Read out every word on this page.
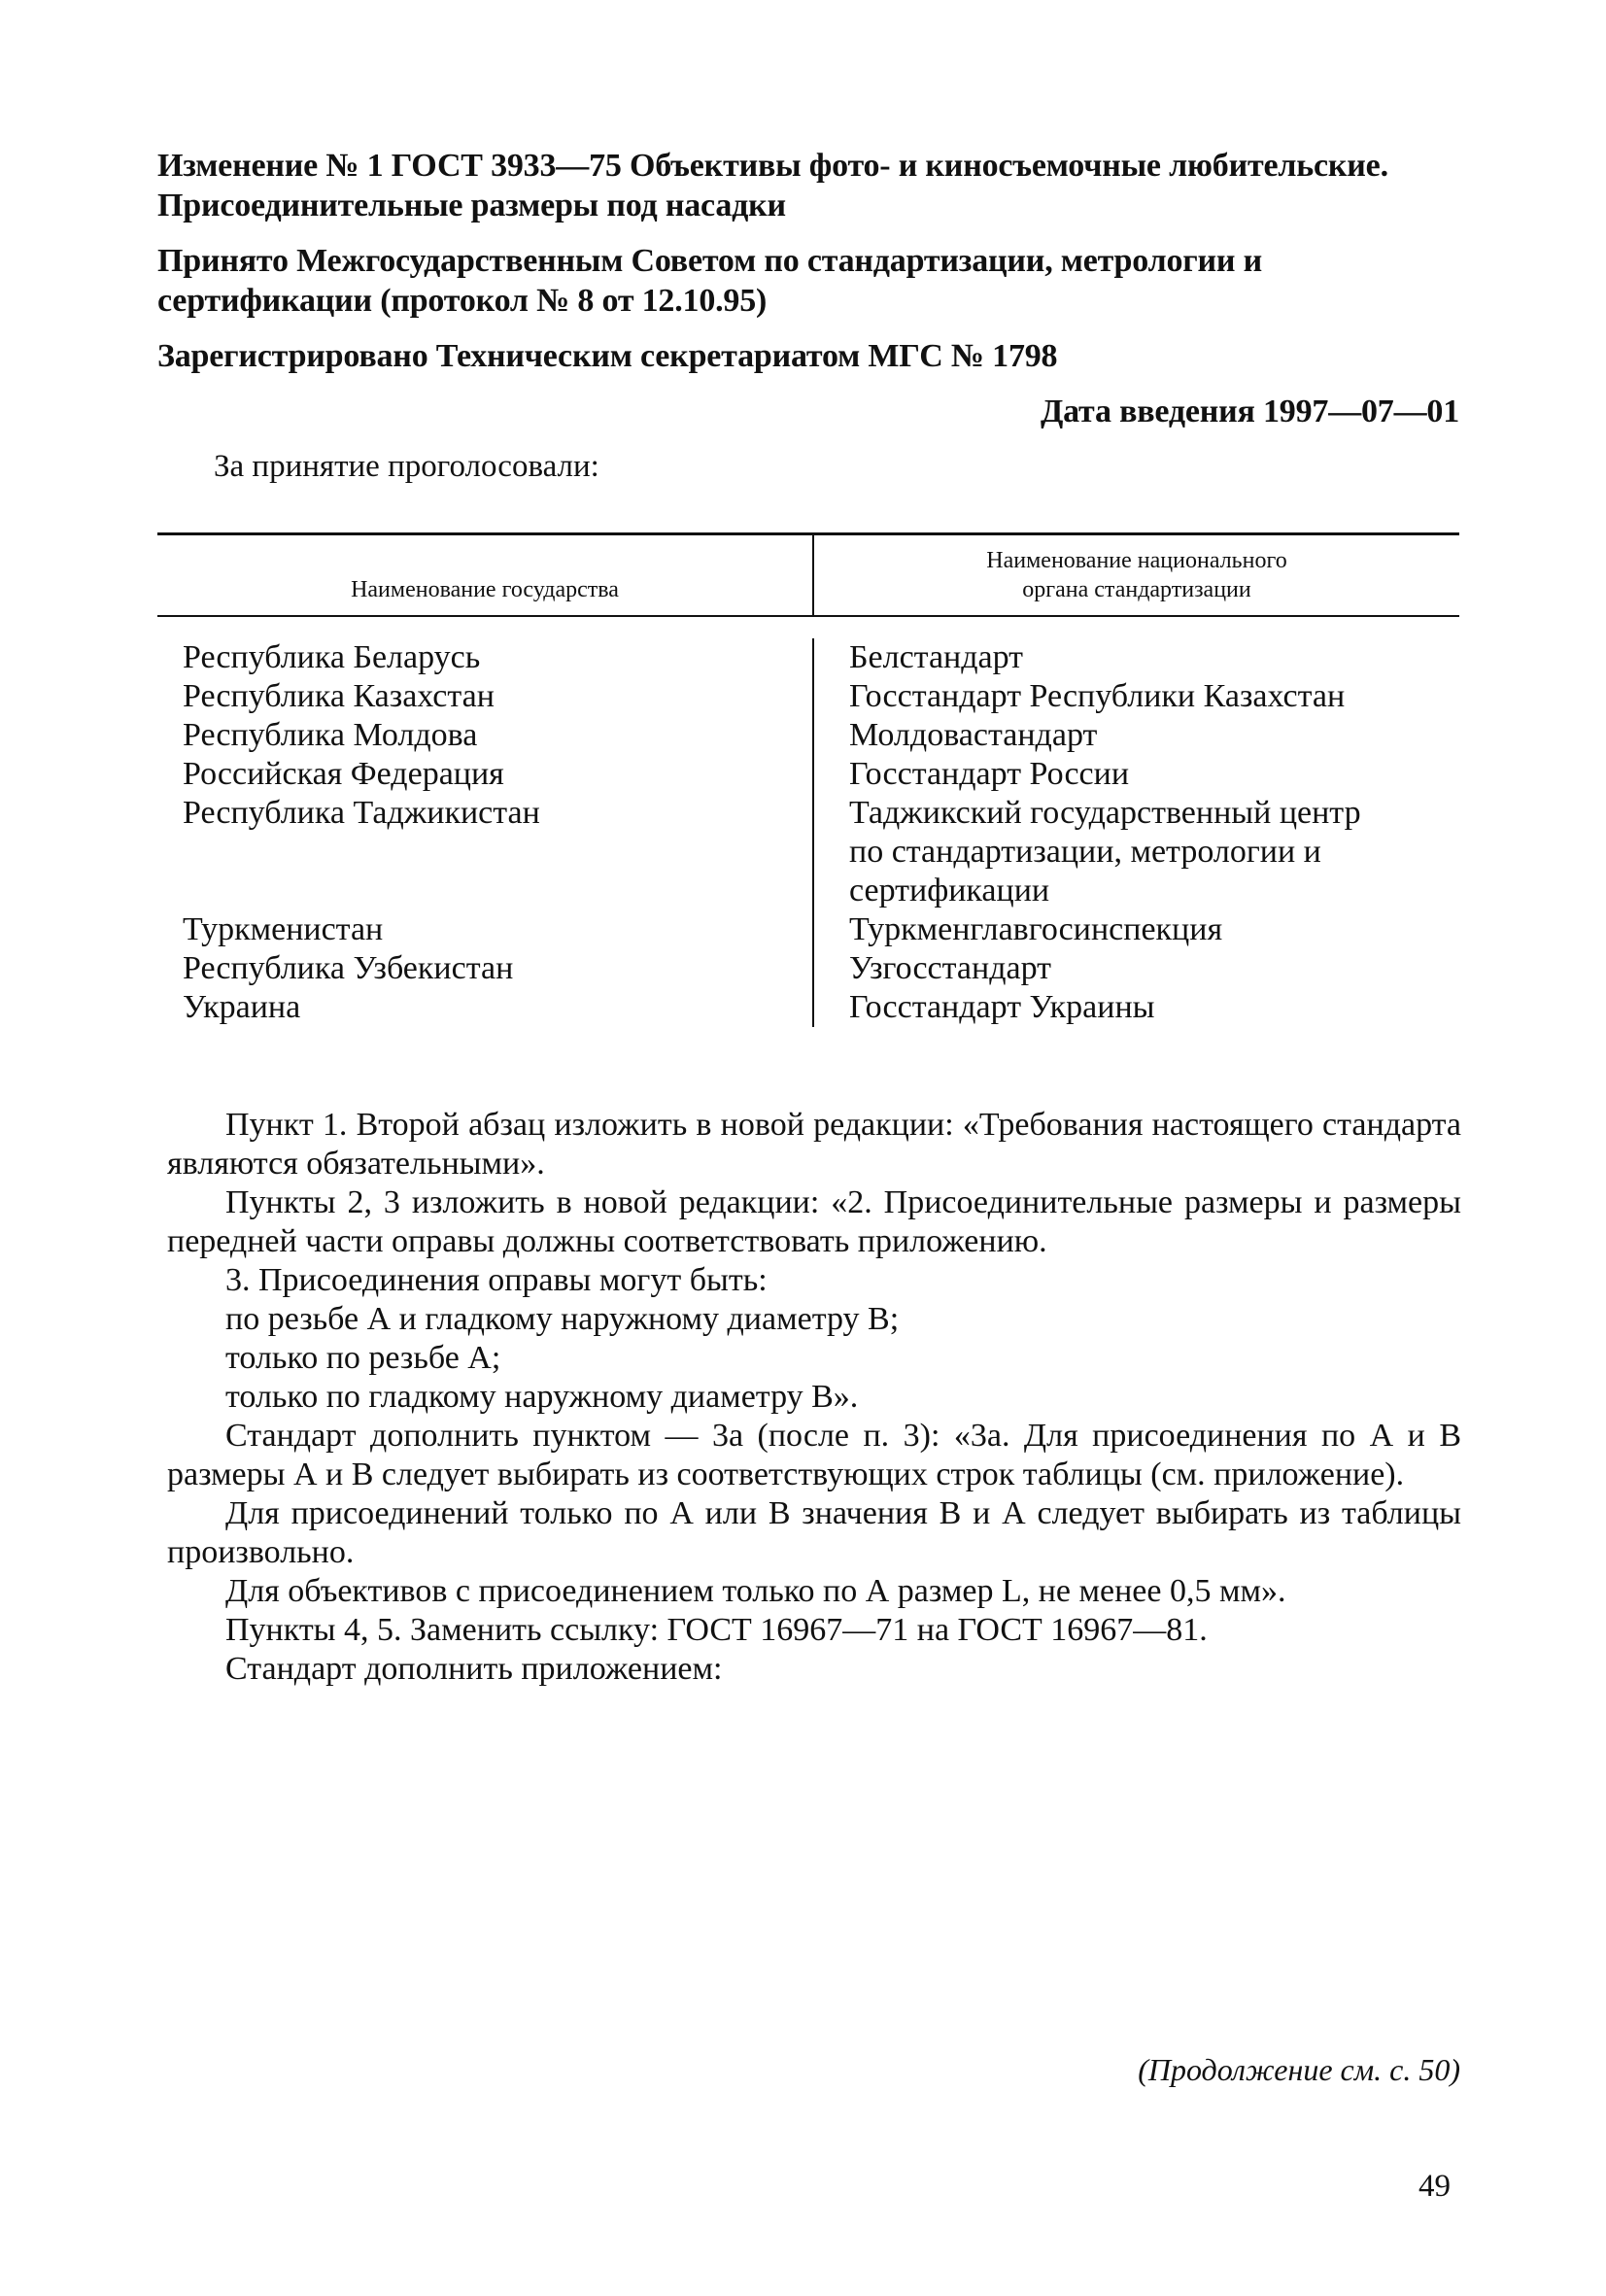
Изменение № 1 ГОСТ 3933—75 Объективы фото- и киносъемочные любительские. Присоединительные размеры под насадки

Принято Межгосударственным Советом по стандартизации, метрологии и сертификации (протокол № 8 от 12.10.95)

Зарегистрировано Техническим секретариатом МГС № 1798

Дата введения 1997—07—01

За принятие проголосовали:

Наименование государства
Наименование национального
органа стандартизации
Республика Беларусь
Республика Казахстан
Республика Молдова
Российская Федерация
Республика Таджикистан
Туркменистан
Республика Узбекистан
Украина
Белстандарт
Госстандарт Республики Казахстан
Молдовастандарт
Госстандарт России
Таджикский государственный центр
по стандартизации, метрологии и
сертификации
Туркменглавгосинспекция
Узгосстандарт
Госстандарт Украины

Пункт 1. Второй абзац изложить в новой редакции: «Требования настоящего стандарта являются обязательными».

Пункты 2, 3 изложить в новой редакции: «2. Присоединительные размеры и размеры передней части оправы должны соответствовать приложению.

3. Присоединения оправы могут быть:

по резьбе А и гладкому наружному диаметру В;

только по резьбе А;

только по гладкому наружному диаметру В».

Стандарт дополнить пунктом — 3а (после п. 3): «3а. Для присоединения по А и В размеры А и В следует выбирать из соответствующих строк таблицы (см. приложение).

Для присоединений только по А или В значения В и А следует выбирать из таблицы произвольно.

Для объективов с присоединением только по А размер L, не менее 0,5 мм».

Пункты 4, 5. Заменить ссылку: ГОСТ 16967—71 на ГОСТ 16967—81.

Стандарт дополнить приложением:

(Продолжение см. с. 50)
49
